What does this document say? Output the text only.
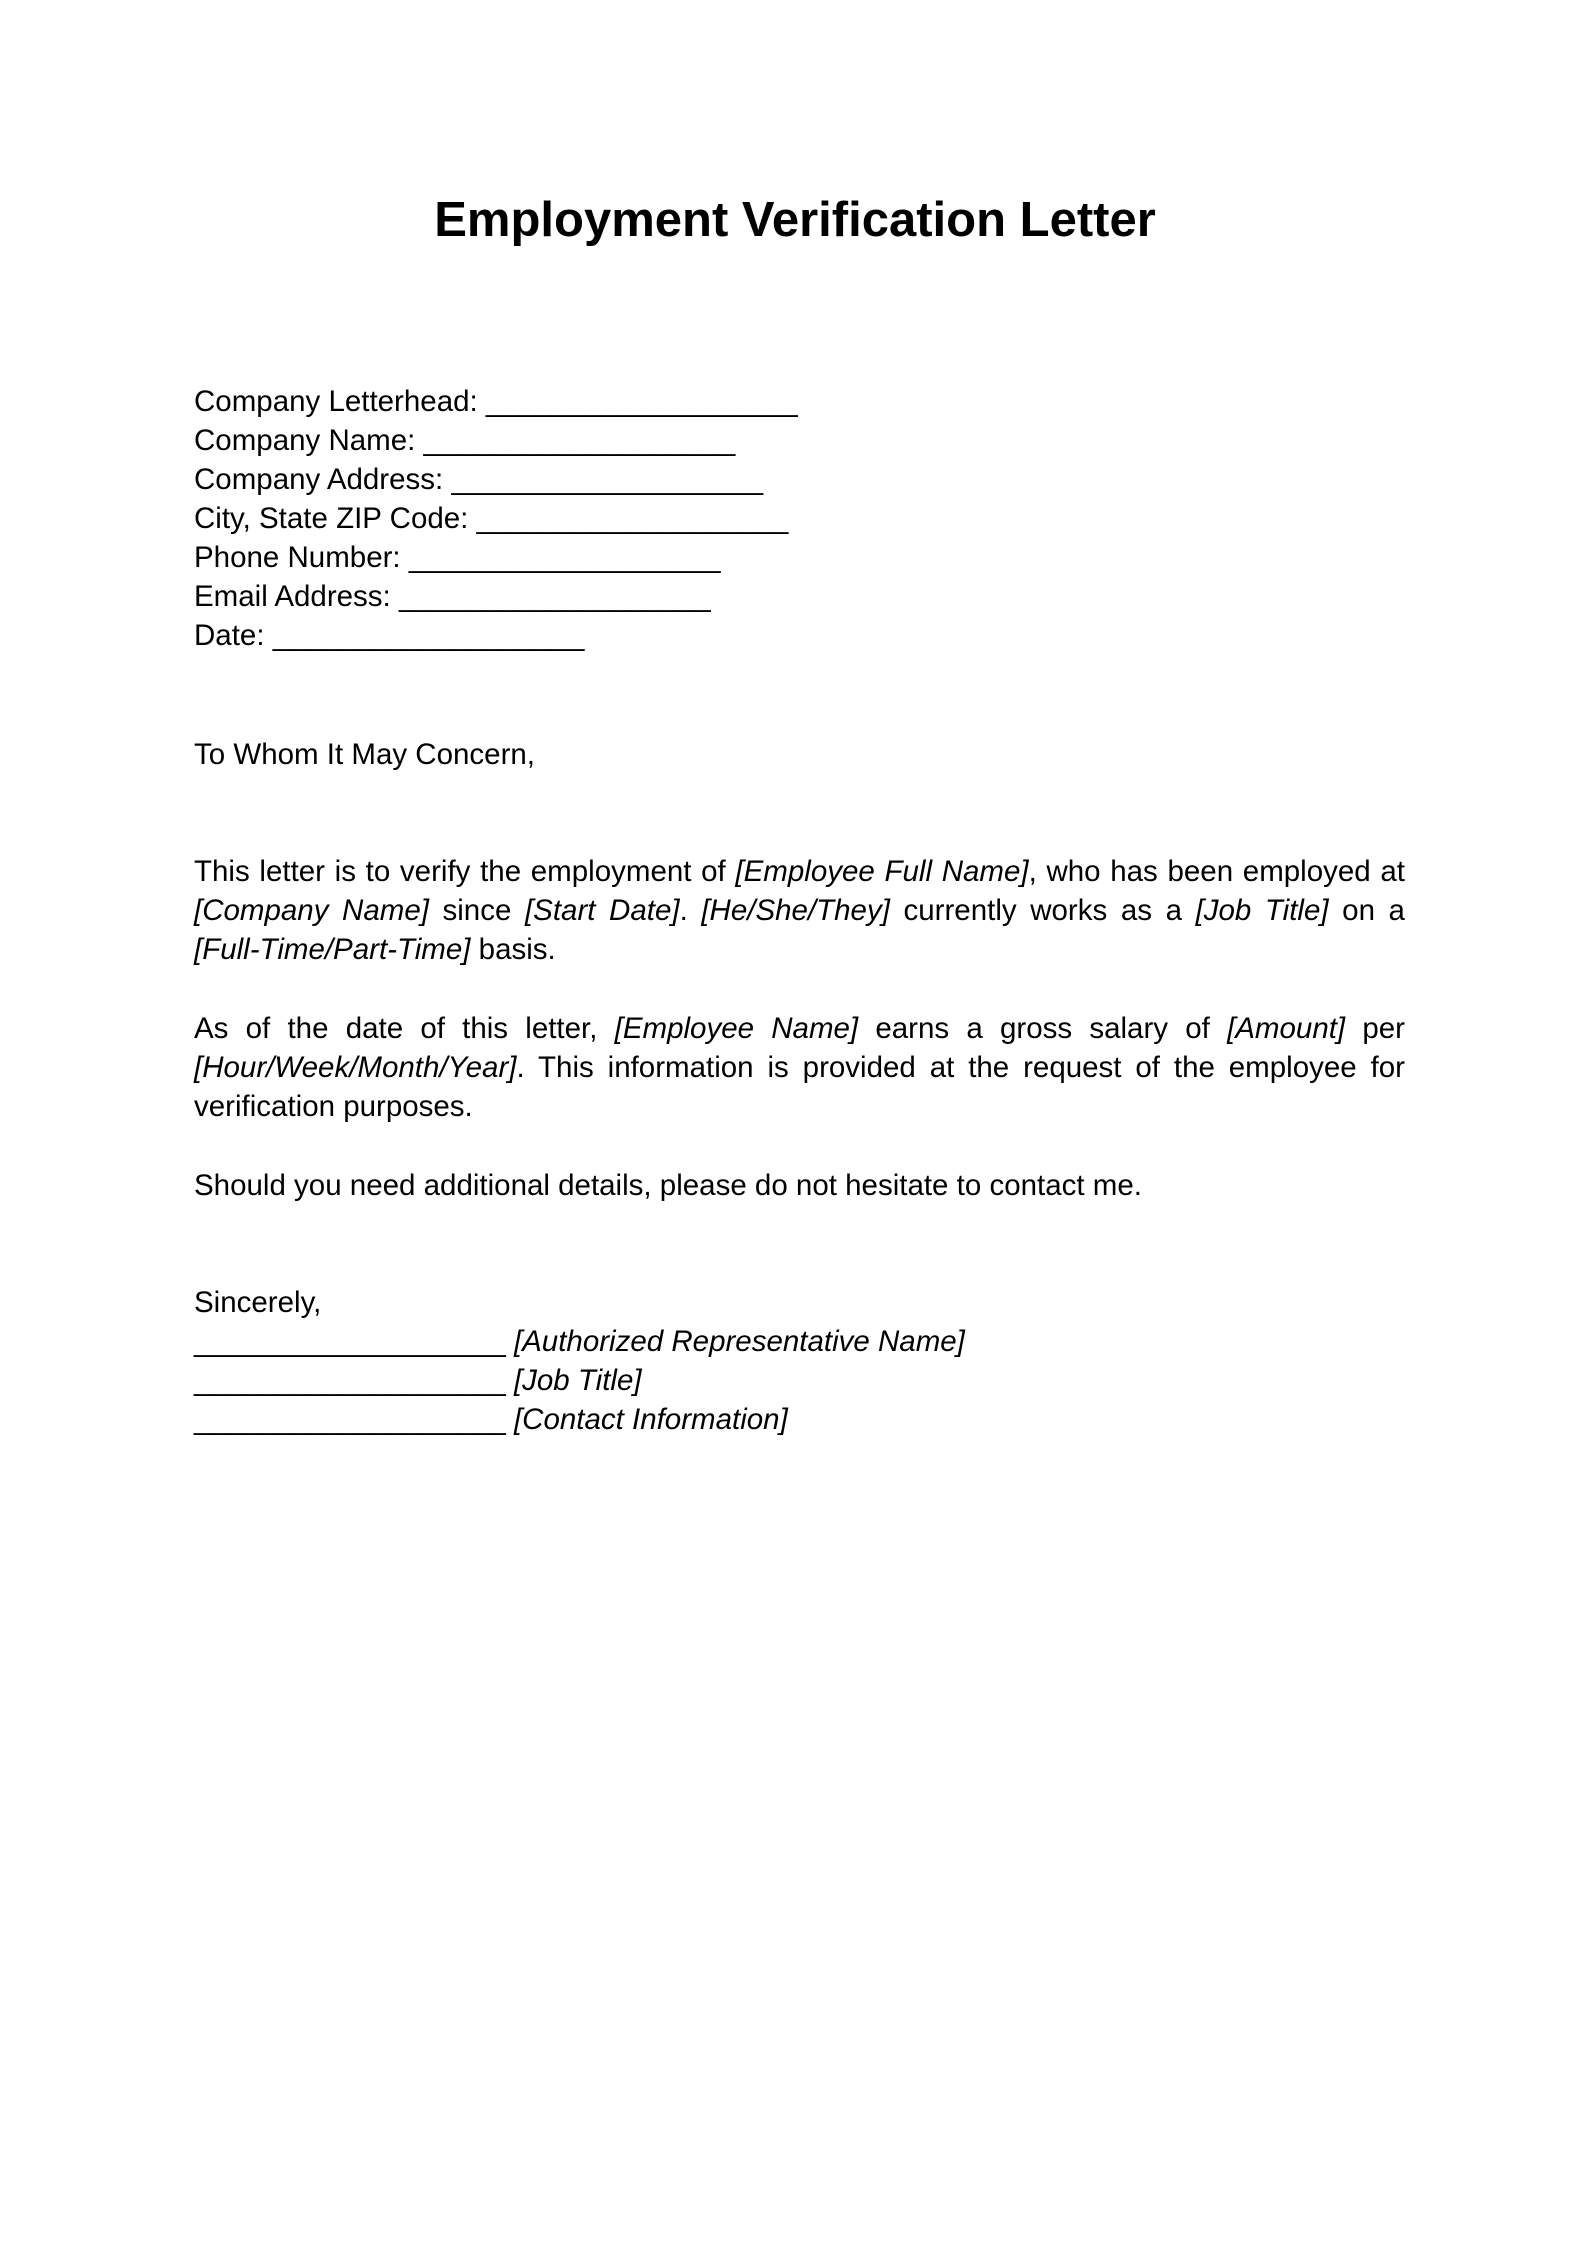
Employment Verification Letter
Company Letterhead: ___________________
Company Name: ___________________
Company Address: ___________________
City, State ZIP Code: ___________________
Phone Number: ___________________
Email Address: ___________________
Date: ___________________
To Whom It May Concern,

This letter is to verify the employment of [Employee Full Name], who has been employed at [Company Name] since [Start Date]. [He/She/They] currently works as a [Job Title] on a [Full-Time/Part-Time] basis.

As of the date of this letter, [Employee Name] earns a gross salary of [Amount] per [Hour/Week/Month/Year]. This information is provided at the request of the employee for verification purposes.

Should you need additional details, please do not hesitate to contact me.

Sincerely,
___________________ [Authorized Representative Name]
___________________ [Job Title]
___________________ [Contact Information]
